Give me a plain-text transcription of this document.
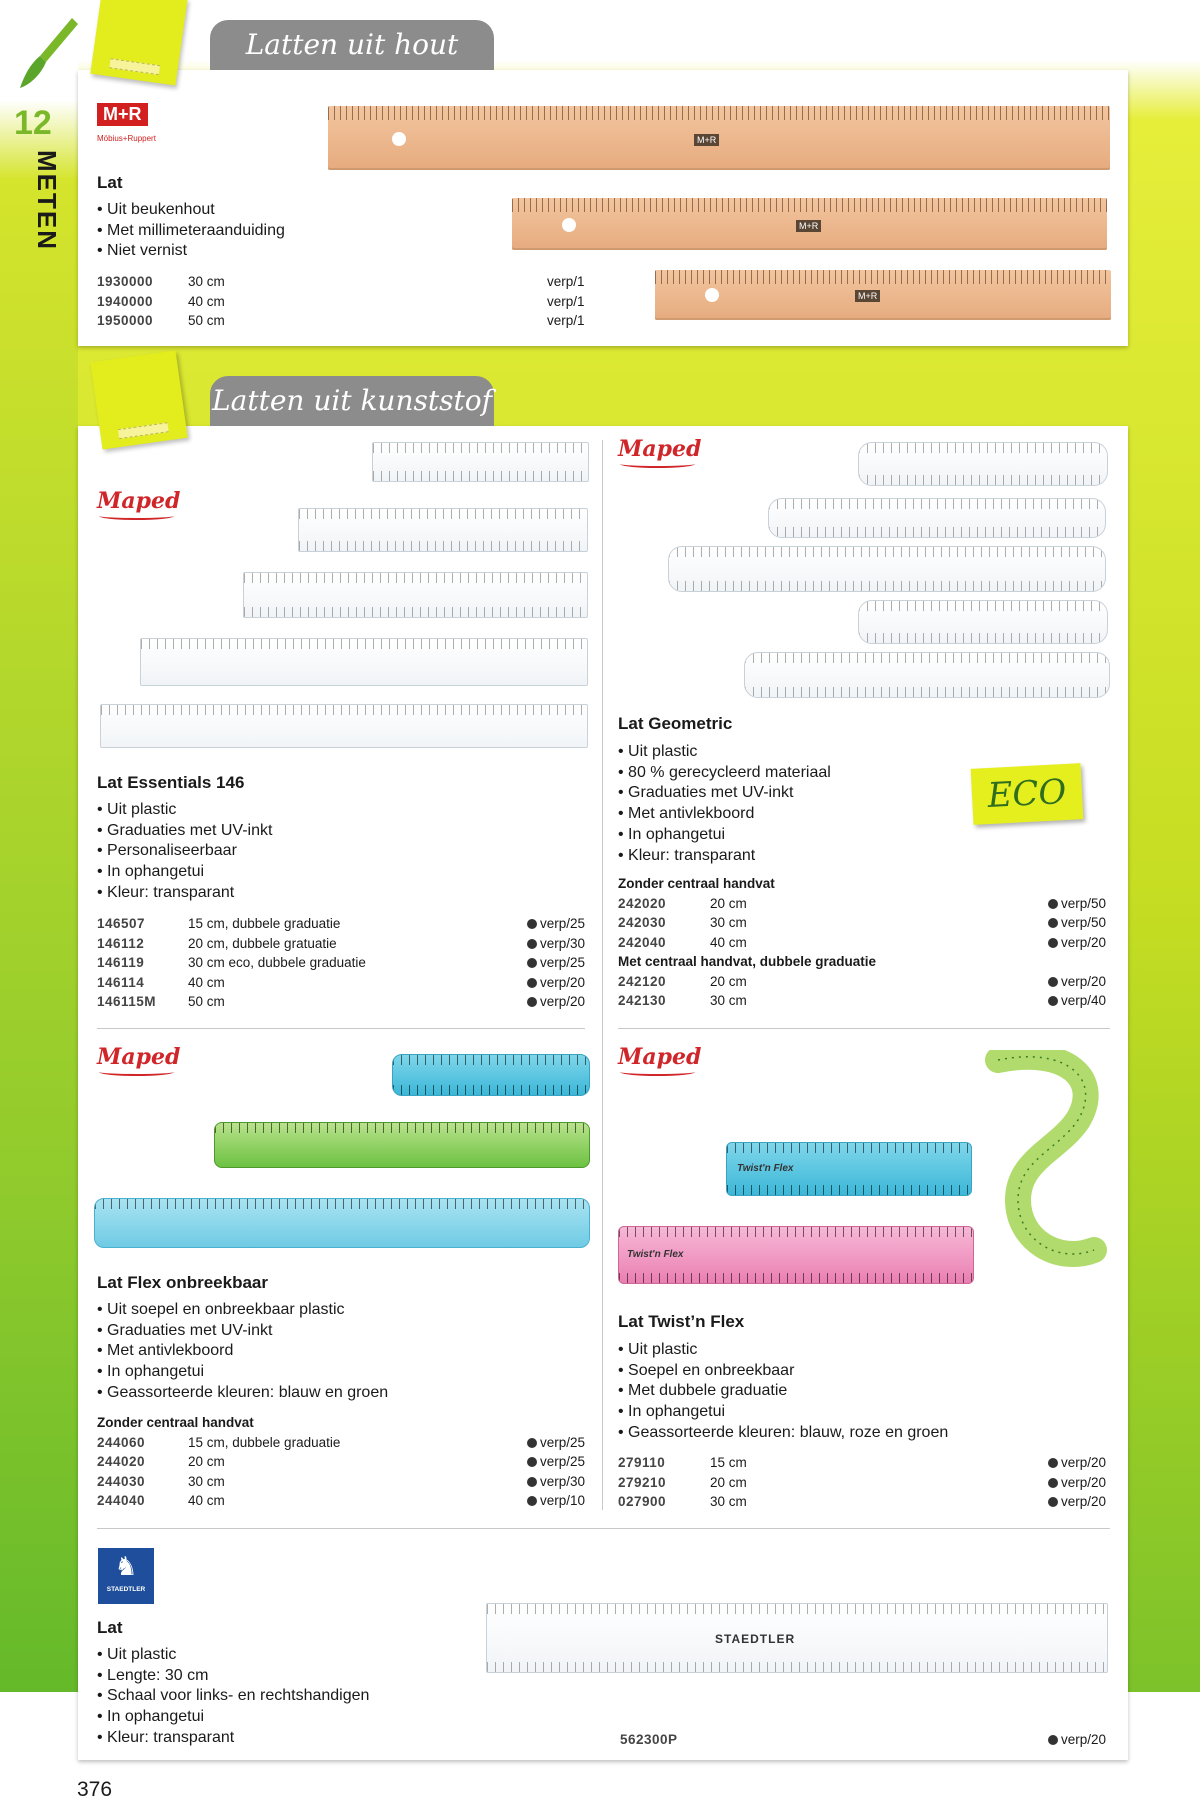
12
METEN
Latten uit hout
M+R
Möbius+Ruppert
Lat
• Uit beukenhout
• Met millimeteraanduiding
• Niet vernist
1930000	30 cm	verp/1
1940000	40 cm	verp/1
1950000	50 cm	verp/1
M+R
M+R
M+R
Latten uit kunststof
Maped
Lat Essentials 146
• Uit plastic
• Graduaties met UV-inkt
• Personaliseerbaar
• In ophangetui
• Kleur: transparant
146507	15 cm, dubbele graduatie	verp/25
146112	20 cm, dubbele gratuatie	verp/30
146119	30 cm eco, dubbele graduatie	verp/25
146114	40 cm	verp/20
146115M 50 cm	verp/20
Maped
Lat Geometric
• Uit plastic
• 80 % gerecycleerd materiaal
• Graduaties met UV-inkt
• Met antivlekboord
• In ophangetui
• Kleur: transparant
ECO
Zonder centraal handvat
242020	20 cm	verp/50
242030	30 cm	verp/50
242040	40 cm	verp/20
Met centraal handvat, dubbele graduatie
242120	20 cm	verp/20
242130	30 cm	verp/40
Maped
Lat Flex onbreekbaar
• Uit soepel en onbreekbaar plastic
• Graduaties met UV-inkt
• Met antivlekboord
• In ophangetui
• Geassorteerde kleuren: blauw en groen
Zonder centraal handvat
244060	15 cm, dubbele graduatie	verp/25
244020	20 cm	verp/25
244030	30 cm	verp/30
244040	40 cm	verp/10
Maped
Twist'n Flex
Twist'n Flex
Lat Twist’n Flex
• Uit plastic
• Soepel en onbreekbaar
• Met dubbele graduatie
• In ophangetui
• Geassorteerde kleuren: blauw, roze en groen
279110	15 cm	verp/20
279210	20 cm	verp/20
027900	30 cm	verp/20
♞
STAEDTLER
STAEDTLER
Lat
• Uit plastic
• Lengte: 30 cm
• Schaal voor links- en rechtshandigen
• In ophangetui
• Kleur: transparant	562300P	verp/20
376
